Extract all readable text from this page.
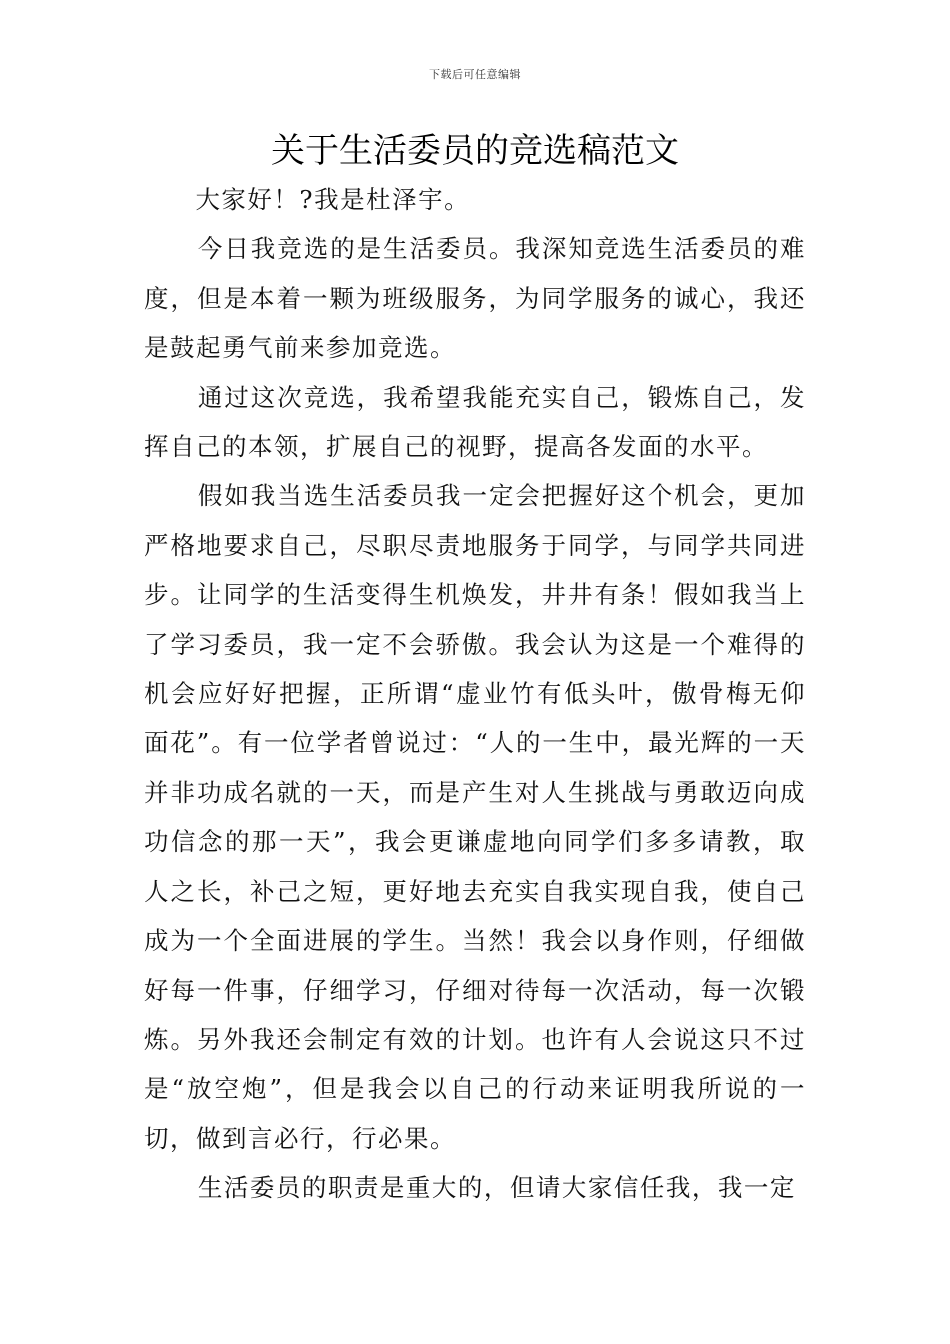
下载后可任意编辑
关于生活委员的竞选稿范文

大家好！?我是杜泽宇。

今日我竞选的是生活委员。我深知竞选生活委员的难度，但是本着一颗为班级服务，为同学服务的诚心，我还是鼓起勇气前来参加竞选。

通过这次竞选，我希望我能充实自己，锻炼自己，发挥自己的本领，扩展自己的视野，提高各发面的水平。

假如我当选生活委员我一定会把握好这个机会，更加严格地要求自己，尽职尽责地服务于同学，与同学共同进步。让同学的生活变得生机焕发，井井有条！假如我当上了学习委员，我一定不会骄傲。我会认为这是一个难得的机会应好好把握，正所谓“虚业竹有低头叶，傲骨梅无仰面花”。有一位学者曾说过：“人的一生中，最光辉的一天并非功成名就的一天，而是产生对人生挑战与勇敢迈向成功信念的那一天”，我会更谦虚地向同学们多多请教，取人之长，补己之短，更好地去充实自我实现自我，使自己成为一个全面进展的学生。当然！我会以身作则，仔细做好每一件事，仔细学习，仔细对待每一次活动，每一次锻炼。另外我还会制定有效的计划。也许有人会说这只不过是“放空炮”，但是我会以自己的行动来证明我所说的一切，做到言必行，行必果。

生活委员的职责是重大的，但请大家信任我，我一定
